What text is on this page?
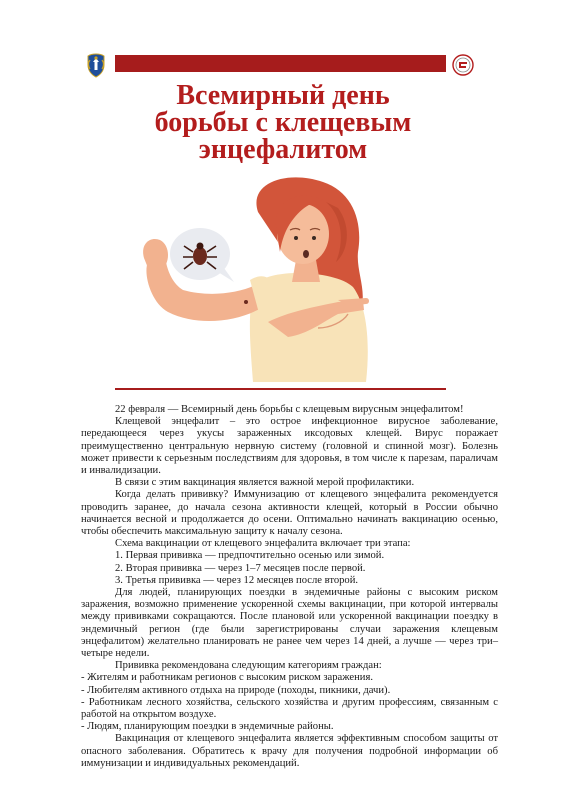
Всемирный день
борьбы с клещевым
энцефалитом

22 февраля — Всемирный день борьбы с клещевым вирусным энцефалитом!

Клещевой энцефалит – это острое инфекционное вирусное заболевание, передающееся через укусы зараженных иксодовых клещей. Вирус поражает преимущественно центральную нервную систему (головной и спинной мозг). Болезнь может привести к серьезным последствиям для здоровья, в том числе к парезам, параличам и инвалидизации.

В связи с этим вакцинация является важной мерой профилактики.

Когда делать прививку? Иммунизацию от клещевого энцефалита рекомендуется проводить заранее, до начала сезона активности клещей, который в России обычно начинается весной и продолжается до осени. Оптимально начинать вакцинацию осенью, чтобы обеспечить максимальную защиту к началу сезона.

Схема вакцинации от клещевого энцефалита включает три этапа:

1. Первая прививка — предпочтительно осенью или зимой.

2. Вторая прививка — через 1–7 месяцев после первой.

3. Третья прививка — через 12 месяцев после второй.

Для людей, планирующих поездки в эндемичные районы с высоким риском заражения, возможно применение ускоренной схемы вакцинации, при которой интервалы между прививками сокращаются. После плановой или ускоренной вакцинации поездку в эндемичный регион (где были зарегистрированы случаи заражения клещевым энцефалитом) желательно планировать не ранее чем через 14 дней, а лучше — через три–четыре недели.

Прививка рекомендована следующим категориям граждан:

- Жителям и работникам регионов с высоким риском заражения.

- Любителям активного отдыха на природе (походы, пикники, дачи).

- Работникам лесного хозяйства, сельского хозяйства и другим профессиям, связанным с работой на открытом воздухе.

- Людям, планирующим поездки в эндемичные районы.

Вакцинация от клещевого энцефалита является эффективным способом защиты от опасного заболевания. Обратитесь к врачу для получения подробной информации об иммунизации и индивидуальных рекомендаций.
